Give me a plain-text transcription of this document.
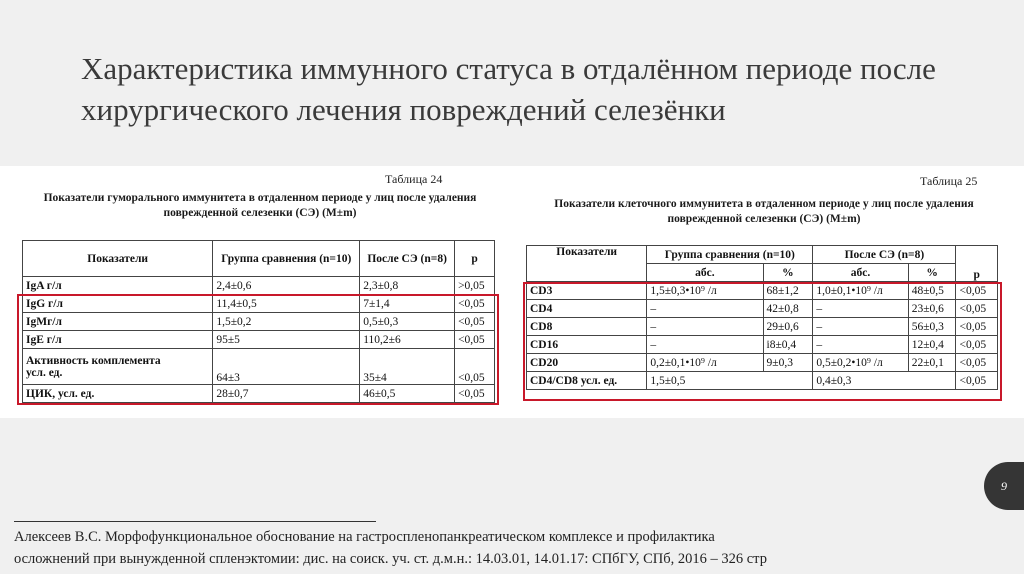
Характеристика иммунного статуса в отдалённом периоде после хирургического лечения повреждений селезёнки
Таблица 24
Показатели гуморального иммунитета в отдаленном периоде у лиц после удаления поврежденной селезенки (СЭ) (M±m)
Показатели	Группа сравнения (n=10)	После СЭ (n=8)	p
IgA г/л	2,4±0,6	2,3±0,8	>0,05
IgG г/л	11,4±0,5	7±1,4	<0,05
IgMг/л	1,5±0,2	0,5±0,3	<0,05
IgE г/л	95±5	110,2±6	<0,05

Активность комплемента
усл. ед.	64±3	35±4	<0,05
ЦИК, усл. ед.	28±0,7	46±0,5	<0,05
Таблица 25
Показатели клеточного иммунитета в отдаленном периоде у лиц после удаления поврежденной селезенки (СЭ) (M±m)
Показатели	Группа сравнения (n=10)		После СЭ (n=8)		p
	абс.	%	абс.	%	
CD3	1,5±0,3•10⁹ /л	68±1,2	1,0±0,1•10⁹ /л	48±0,5	<0,05
CD4	–	42±0,8	–	23±0,6	<0,05
CD8	–	29±0,6	–	56±0,3	<0,05
CD16	–	i8±0,4	–	12±0,4	<0,05
CD20	0,2±0,1•10⁹ /л	9±0,3	0,5±0,2•10⁹ /л	22±0,1	<0,05
CD4/CD8 усл. ед.	1,5±0,5		0,4±0,3		<0,05
9
Алексеев В.С. Морфофункциональное обоснование на гастроспленопанкреатическом комплексе и профилактика
осложнений при вынужденной спленэктомии: дис. на соиск. уч. ст. д.м.н.: 14.03.01, 14.01.17: СПбГУ, СПб, 2016 – 326 стр
